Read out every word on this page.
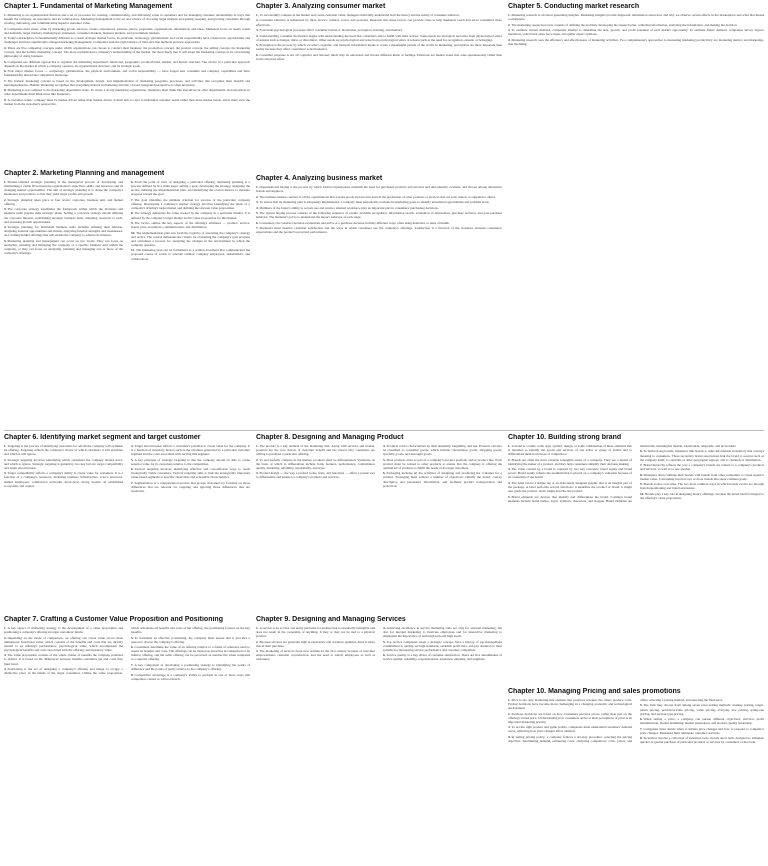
Chapter 1. Fundamental of Marketing Management
1.Marketing is an organizational function and a set of processes for creating, communicating, and delivering value to customers and for managing customer relationships in ways that benefit the company, its customers, and its collaborators. Marketing management is the art and science of choosing target markets and getting, keeping, and growing customers through creating, delivering, and communicating superior customer value.
2.Companies must create value by marketing goods, services, events, experiences, persons, places, properties, organizations, information, and ideas. Marketers focus on needs, wants and demands, target markets, marketplaces, marketers, consumer markets, business markets, and government markets.
3.Today's marketplace is fundamentally different as a result of major market forces. In particular, technology, globalization, and social responsibility have created new opportunities and challenges and have significantly changed marketing management. Companies seek the right balance of tried-and-true methods and new approaches.
4.There are five competing concepts under which organizations can choose to conduct their business: the production concept, the product concept, the selling concept, the marketing concept, and the holistic marketing concept. The more sophisticated a company's understanding of the market, the more likely that it will adopt the marketing concept as its overarching philosophy of doing business.
5.Companies use different approaches to organize the marketing department: functional, geographic, product/brand, market, and matrix structure. The choice of a particular approach depends on the market in which a company operates, its organizational structure, and its strategic goals.
6.Four major market forces — technology, globalization, the physical environment, and social responsibility — have forged new consumer and company capabilities and have fundamentally altered the competitive landscape.
7.The holistic marketing concept is based on the development, design, and implementation of marketing programs, processes, and activities that recognize their breadth and interdependencies. Holistic marketing recognizes that everything matters in marketing and that a broad, integrated perspective is often necessary.
8.Marketing is not confined to the marketing department alone. To create a strong marketing organization, marketers must think like executives in other departments, and executives in other departments must think more like marketers.
9.A customer-centric company must be market driven rather than market driven. It must aim to cater to individual customer needs rather than mass market needs, and it must view the market from the customer's perspective.
Chapter 2. Marketing Planning and management
1.Market-oriented strategic planning is the managerial process of developing and maintaining a viable fit between the organization's objectives, skills, and resources and its changing market opportunities. The aim of strategic planning is to shape the company's businesses and products so that they yield target profits and growth.
2.Strategic planning takes place at four levels: corporate, business unit, and market offering.
3.The corporate strategy establishes the framework within which the divisions and business units prepare their strategic plans. Setting a corporate strategy entails defining the corporate mission, establishing strategic business units, assigning resources to each, and assessing growth opportunities.
4.Strategic planning for individual business units includes defining their mission, analyzing external opportunities and threats, analyzing internal strengths and weaknesses, and crafting market offerings that will enable the company to achieve its mission.
5.Marketing planning and management can occur on two levels. They can focus on analyzing, planning and managing the company or a specific business unit within the company, or they can focus on analyzing, planning and managing one or more of the company's offerings.
6.From the point of view of designing a particular offering, marketing planning is a process defined by five main steps: setting a goal, developing the strategy, designing the tactics, defining the implementation plan, and identifying the control metrics to measure progress toward the goal.
7.The goal identifies the ultimate criterion for success of the particular company offering. Developing a company's market strategy involves identifying the plans of a company's offering's target market and defining the relevant value proposition.
8.The strategy delineates the value created by the company in a particular market. It is defined by the company's target market and its value proposition for this market.
9.The tactics outline the key aspects of the offering's attributes — product, service, brand, price, incentives, communication, and distribution.
10.The implementation plan sets forth the logistics of executing the company's strategy and tactics. The control delineates the criteria for evaluating the company's goal progress and articulates a process for analyzing the changes in the environment in which the company operates.
11.The marketing plan can be formalized as a written document that communicates the proposed course of action to relevant entities: company employees, stakeholders, and collaborators.
Chapter 3. Analyzing consumer market
1.To successfully compete in the market and create customer value, managers must fully understand both the theory and the reality of consumer behavior.
2.Consumer behavior is influenced by three factors: cultural, social, and personal. Research into these factors can provide clues to help marketers reach and serve consumers more effectively.
3.Four main psychological processes affect consumer behavior: motivation, perception, learning, and memory.
4.Understanding consumer motivation begins with understanding the need that consumers aim to fulfill with their actions. Some needs are biological and arise from physiological states of tension such as hunger, thirst, or discomfort. Other needs are psychological and arise from psychological states of tension such as the need for recognition, esteem, or belonging.
5.Perception is the process by which we select, organize, and interpret information inputs to create a meaningful picture of the world. In marketing, perceptions are more important than reality because they affect consumers' actual behavior.
6.Consumer response is not all cognitive and rational; much may be emotional and invoke different kinds of feelings. Emotions are mental states that arise spontaneously rather than from conscious effort.
Chapter 4. Analyzing business market
1.Organizational buying is the process by which formal organizations establish the need for purchased products and services and then identify, evaluate, and choose among alternative brands and suppliers.
2.The business market consists of all the organizations that acquire goods and services used in the production of other products or services that are sold, rented, or supplied to others.
3.To ensure that its marketing plan is adequately implemented, a company must periodically evaluate its marketing goals to identify unrealized opportunities and problem areas.
4.Members of the buyer's ability to recruit, use and retain a talented workforce play an important part in consumers' purchasing decisions.
5.The typical buying process consists of the following sequence of events: problem recognition, information search, evaluation of alternatives, purchase decision, and post-purchase behavior. The marketer's job is to understand the buyer's behavior at each stage.
6.Consumers can construct decision evaluations and arrive at a purchase decision in many different ways, often using heuristics or rules of thumb.
7.Marketers must monitor customer satisfaction and the ways in which customers use the company's offerings. Satisfaction is a function of the closeness between consumers' expectations and the product's perceived performance.
Chapter 5. Conducting market research
1.Marketing research is all about generating insights. Marketing insights provide diagnostic information about how and why we observe certain effects in the marketplace and what that means to marketers.
2.The marketing research process consists of defining the problem, developing the research plan, collecting information, analyzing the information, and making the decision.
3.To estimate current demand, companies attempt to determine the size, growth, and profit potential of each market opportunity. To estimate future demand, companies survey buyers' intentions, solicit their sales force input, and gather expert opinions.
4.Marketing research uses the efficiency and effectiveness of marketing activities. Two complementary approaches to measuring marketing productivity are marketing metrics and marketing-mix modeling.
Chapter 6. Identifying market segment and target customer
1.Targeting is the process of identifying customers for whom the company will optimize its offering. Targeting reflects the company's choice of which customers it will prioritize and which it will ignore.
2.Strategic targeting involves identifying which customers the company should serve, and which to ignore. Strategic targeting is guided by two key factors: target compatibility and target attractiveness.
3.Target compatibility reflects a company's ability to create value for customers. It is a function of a company's resources, including business infrastructure, scarce resources, skilled employees, collaborator networks, know-how, strong brands, an established ecosystem, and capital.
4.Target attractiveness reflects a customer's potential to create value for the company. It is a function of monetary factors such as the revenues generated by a particular customer segment and the costs associated with serving this segment.
5.A key principle of strategic targeting is that the company should be able to create superior value for its customers relative to the competition.
6.Tactical targeting involves identifying effective and cost-efficient ways to reach strategically viable customers. Tactical targeting aims to link the strategically important value-based segments to specific observable and actionable characteristics.
7.Segmentation is a categorization process that groups customers by focusing on those differences that are relevant for targeting and ignoring those differences that are irrelevant.
Chapter 7. Crafting a Customer Value Proposition and Positioning
1.A key aspect of marketing strategy is the development of a value proposition and positioning a company's offering in target customers' minds.
2.Depending on the mode of comparison, an offering can create value across three dimensions: functional value, which consists of the benefits and costs that are directly related to an offering's performance; psychological value, which encompasses the psychological benefits and costs associated with the offering; and monetary value.
3.The value proposition consists of the whole cluster of benefits the company promises to deliver. It is based on the differences between benefits customers get and costs they must incur.
4.Positioning is the act of designing a company's offering and image to occupy a distinctive place in the minds of the target consumers. Unlike the value proposition, which articulates all benefits and costs of the offering, the positioning focuses on the key benefits.
5.To formulate an effective positioning, the company must ensure that it provides a reason to choose the company's offering.
6.Consumers determine the value of an offering relative to a frame of reference used to assess its benefits and costs. The offerings can be viewed as attractive in comparison to an inferior offering, and the same offering can be perceived as unattractive when compared to a superior offering.
7.A key component of developing a positioning strategy is identifying the points of difference and the points of parity relative to the company's offering.
8.Competitive advantage is a company's ability to perform in one or more ways that competitors cannot or will not match.
Chapter 8. Designing and Managing Product
1.The product is a key element of the marketing mix. Along with services and brands, products are the core drivers of customer benefit and the reason why consumers are willing to purchase a particular offering.
2.To successfully compete in the market, products must be differentiated. Variations on the basis of which to differentiate include form, features, performance, conformance quality, durability, reliability, repairability, and style.
3.Product design — the way a product looks, feels, and functions — offers a potent way to differentiate and position a company's products and services.
4.Products can be characterized by their durability, tangibility, and use. Products can also be classified as consumer goods, which include convenience goods, shopping goods, specialty goods, and unsought goods.
5.Most products exist as part of a company's product portfolio and/or product line. Each product must be related to other products to ensure that the company is offering the optimal set of products to fulfill the needs of its target customers.
6.Packaging includes all the activities of designing and producing the container for a product. Packaging must achieve a number of objectives: identify the brand, convey descriptive and persuasive information, and facilitate product transportation and protection.
Chapter 9. Designing and Managing Services
1.A service is an act that one entity performs for another that is essentially intangible and does not result in the ownership of anything. It may or may not be tied to a physical product.
2.Because services are generally high in experience and credence qualities, there is more risk in their purchase.
3.The marketing of services faces new realities in the 21st century because of customer empowerment, customer coproduction, and the need to satisfy employees as well as customers.
4.Achieving excellence in service marketing calls not only for external marketing, but also for internal marketing to motivate employees and for interactive marketing to emphasize the importance of both high tech and high touch.
5.Top service companies adopt a strategic concept, have a history of top-management commitment to quality, set high standards, establish profit tiers, and pay attention to their systems for monitoring service performance and customer complaints.
6.Service quality is a key driver of customer satisfaction. There are five determinants of service quality: reliability, responsiveness, assurance, empathy, and tangibles.
Chapter 10. Building strong brand
1.A brand is a name, term, sign, symbol, design, or some combination of these elements that is intended to identify the goods and services of one seller or group of sellers and to differentiate them from those of competitors.
2.Brands are often the most valuable intangible assets of a company. They are a means of identifying the maker of a product, and they help consumers simplify their decision making.
3.The value created by a brand is captured by two key concepts: brand equity and brand power. Brand equity reflects the premium that is placed on a company's valuation because of its ownership of the brand.
4.The label can be a simple tag or an elaborately designed graphic that is an integral part of the package. A label performs several functions: it identifies the product or brand, it might also grade the product, and it might describe the product.
5.Brand elements are devices that identify and differentiate the brand. Common brand elements include brand names, logos, symbols, characters, and slogans. Brand elements are memorable, meaningful, likable, transferable, adaptable, and protectable.
6.To build strong brands, marketers link brands to other information in memory that conveys meaning to consumers. These secondary brand associations link the brand to sources such as the company itself, to countries or other geographic regions, and to channels of distribution.
7.Brand hierarchy reflects the way a company's brands are related to a company's products and services, as well as to one another.
8.Marketers often combine their brands with brands from other companies to create superior market value. Cobranding involves two or more brands that share common goals.
9.Brands evolve over time. The two most common ways in which brands evolve are through brand repositioning and brand extensions.
10.Brands play a key role in designing luxury offerings, because the brand itself is integral to the offering's value proposition.
Chapter 10. Managing Pricing and sales promotions
1.Price is the only marketing-mix element that produces revenue; the others produce costs. Pricing decisions have become more challenging in a changing economic and technological environment.
2.Purchase decisions are based on how consumers perceive prices, rather than just on the offering's stated price. Understanding how consumers arrive at their perceptions of price is an important marketing priority.
3.To set the right product and game profits, companies must understand customers' demand curve, reflecting how price changes affect demand.
4.In setting pricing policy, a company follows a six-step procedure: selecting the pricing objective, determining demand, estimating costs, analyzing competitors' costs, prices, and offers, selecting a pricing method, and selecting the final price.
5.The firm may choose from among seven price-setting methods: markup pricing, target-return pricing, perceived-value pricing, value pricing, everyday low pricing, going-rate pricing, and auction-type pricing.
6.When setting a price, a company can pursue different objectives: survival, profit maximization, market-skimming, market penetration, and product-quality leadership.
7.Companies must decide when to initiate price changes and how to respond to competitor price changes. Marketers must anticipate customer reactions.
8.Incentives involve a collection of incentive tools, mostly short term, designed to stimulate quicker or greater purchase of particular products or services by consumers or the trade.
